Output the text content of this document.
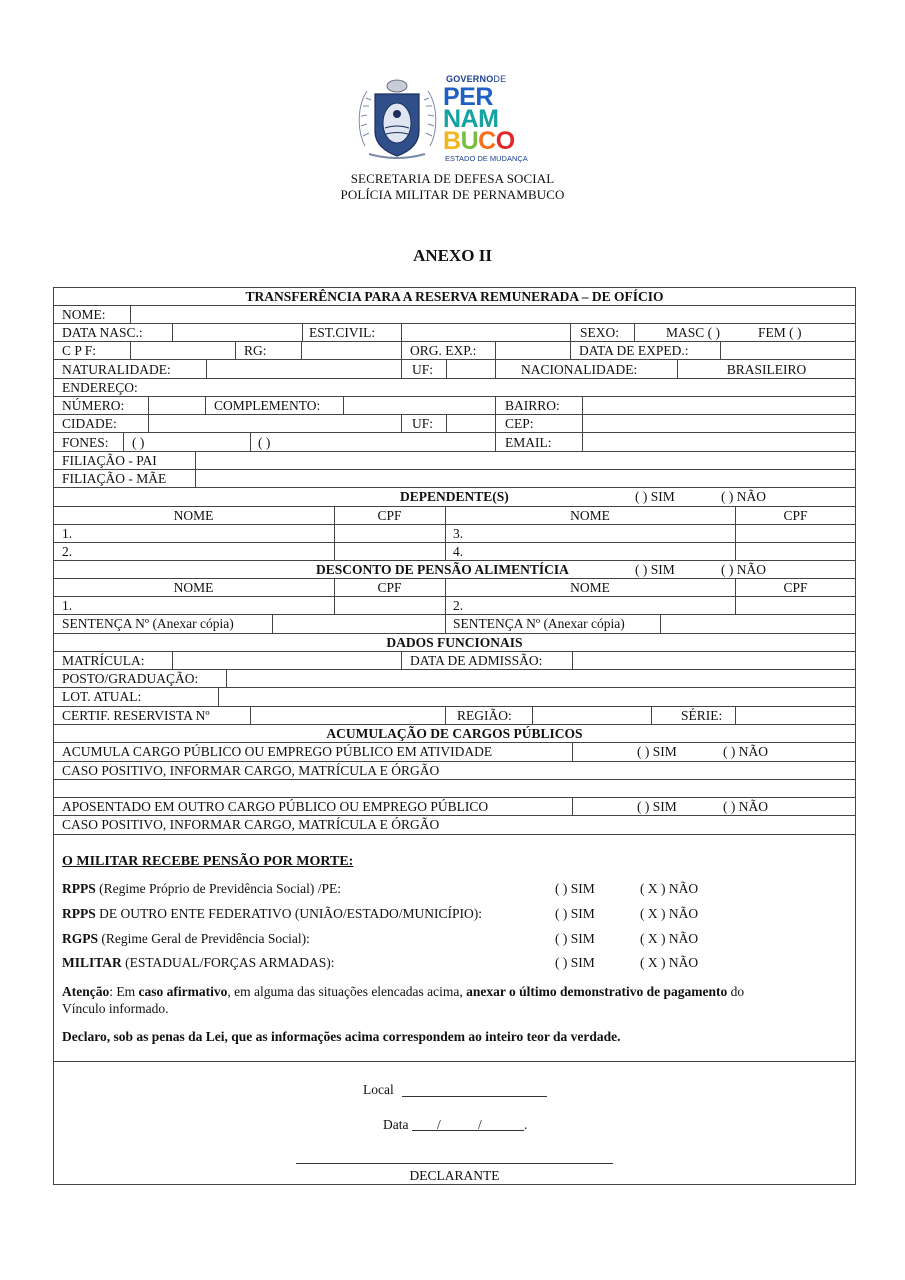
GOVERNODE
PER
NAM
BUCO
ESTADO DE MUDANÇA
SECRETARIA DE DEFESA SOCIAL
POLÍCIA MILITAR DE PERNAMBUCO
ANEXO II
TRANSFERÊNCIA PARA A RESERVA REMUNERADA – DE OFÍCIO
NOME:
DATA NASC.:	EST.CIVIL:	SEXO:	MASC ( )	FEM ( )
C P F:	RG:	ORG. EXP.:	DATA DE EXPED.:
NATURALIDADE:	UF:	NACIONALIDADE:	BRASILEIRO
ENDEREÇO:
NÚMERO:	COMPLEMENTO:	BAIRRO:
CIDADE:	UF:	CEP:
FONES: ( )	( )	EMAIL:
FILIAÇÃO - PAI
FILIAÇÃO - MÃE
DEPENDENTE(S)	( ) SIM	( ) NÃO
NOME	CPF	NOME	CPF
1.	3.
2.	4.
DESCONTO DE PENSÃO ALIMENTÍCIA	( ) SIM	( ) NÃO
NOME	CPF	NOME	CPF
1.	2.
SENTENÇA Nº (Anexar cópia)	SENTENÇA Nº (Anexar cópia)
DADOS FUNCIONAIS
MATRÍCULA:	DATA DE ADMISSÃO:
POSTO/GRADUAÇÃO:
LOT. ATUAL:
CERTIF. RESERVISTA Nº	REGIÃO:	SÉRIE:
ACUMULAÇÃO DE CARGOS PÚBLICOS
ACUMULA CARGO PÚBLICO OU EMPREGO PÚBLICO EM ATIVIDADE	( ) SIM	( ) NÃO
CASO POSITIVO, INFORMAR CARGO, MATRÍCULA E ÓRGÃO
APOSENTADO EM OUTRO CARGO PÚBLICO OU EMPREGO PÚBLICO	( ) SIM	( ) NÃO
CASO POSITIVO, INFORMAR CARGO, MATRÍCULA E ÓRGÃO
O MILITAR RECEBE PENSÃO POR MORTE:
RPPS (Regime Próprio de Previdência Social) /PE:	( ) SIM	( X ) NÃO
RPPS DE OUTRO ENTE FEDERATIVO (UNIÃO/ESTADO/MUNICÍPIO):	( ) SIM	( X ) NÃO
RGPS (Regime Geral de Previdência Social):	( ) SIM	( X ) NÃO
MILITAR (ESTADUAL/FORÇAS ARMADAS):	( ) SIM	( X ) NÃO
Atenção: Em caso afirmativo, em alguma das situações elencadas acima, anexar o último demonstrativo de pagamento do
Vínculo informado.
Declaro, sob as penas da Lei, que as informações acima correspondem ao inteiro teor da verdade.
Local
Data /	/	.
DECLARANTE
